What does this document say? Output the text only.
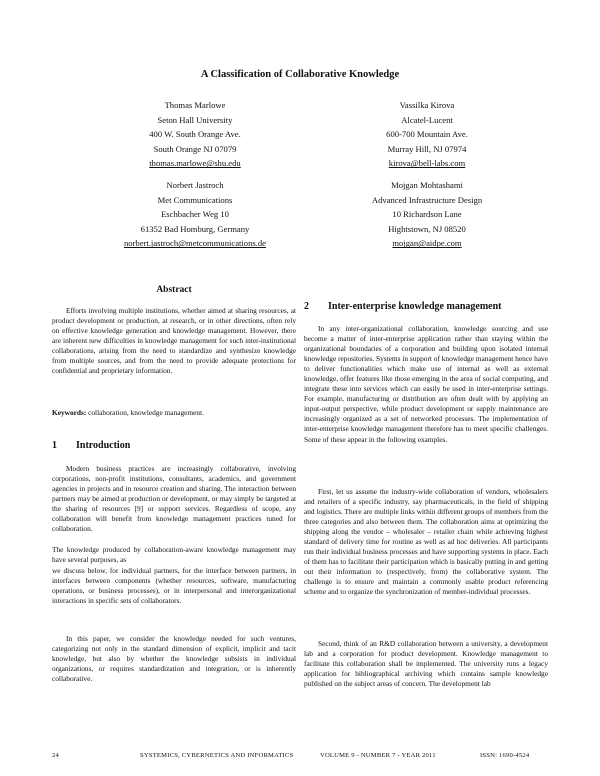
A Classification of Collaborative Knowledge
Thomas Marlowe
Seton Hall University
400 W. South Orange Ave.
South Orange NJ 07079
thomas.marlowe@shu.edu
Vassilka Kirova
Alcatel-Lucent
600-700 Mountain Ave.
Murray Hill, NJ 07974
kirova@bell-labs.com
Norbert Jastroch
Met Communications
Eschbacher Weg 10
61352 Bad Homburg, Germany
norbert.jastroch@metcommunications.de
Mojgan Mohtashami
Advanced Infrastructure Design
10 Richardson Lane
Hightstown, NJ 08520
mojgan@aidpe.com
Abstract

Efforts involving multiple institutions, whether aimed at sharing resources, at product development or production, at research, or in other directions, often rely on effective knowledge generation and knowledge management. However, there are inherent new difficulties in knowledge management for such inter-institutional collaborations, arising from the need to standardize and synthesize knowledge from multiple sources, and from the need to provide adequate protections for confidential and proprietary information.

Keywords: collaboration, knowledge management.

1 Introduction

Modern business practices are increasingly collaborative, involving corporations, non-profit institutions, consultants, academics, and government agencies in projects and in resource creation and sharing. The interaction between partners may be aimed at production or development, or may simply be targeted at the sharing of resources [9] or support services. Regardless of scope, any collaboration will benefit from knowledge management practices tuned for collaboration.

The knowledge produced by collaboration-aware knowledge management may have several purposes, as

we discuss below, for individual partners, for the interface between partners, in interfaces between components (whether resources, software, manufacturing operations, or business processes), or in interpersonal and interorganizational interactions in specific sets of collaborators.

In this paper, we consider the knowledge needed for such ventures, categorizing not only in the standard dimension of explicit, implicit and tacit knowledge, but also by whether the knowledge subsists in individual organizations, or requires standardization and integration, or is inherently collaborative.

2 Inter-enterprise knowledge management

In any inter-organizational collaboration, knowledge sourcing and use become a matter of inter-enterprise application rather than staying within the organizational boundaries of a corporation and building upon isolated internal knowledge repositories. Systems in support of knowledge management hence have to deliver functionalities which make use of internal as well as external knowledge, offer features like those emerging in the area of social computing, and integrate these into services which can easily be used in inter-enterprise settings. For example, manufacturing or distribution are often dealt with by applying an input-output perspective, while product development or supply maintenance are increasingly organized as a set of networked processes. The implementation of inter-enterprise knowledge management therefore has to meet specific challenges. Some of these appear in the following examples.

First, let us assume the industry-wide collaboration of vendors, wholesalers and retailers of a specific industry, say pharmaceuticals, in the field of shipping and logistics. There are multiple links within different groups of members from the three categories and also between them. The collaboration aims at optimizing the shipping along the vendor – wholesaler – retailer chain while achieving highest standard of delivery time for routine as well as ad hoc deliveries. All participants run their individual business processes and have supporting systems in place. Each of them has to facilitate their participation which is basically putting in and getting out their information to (respectively, from) the collaborative system. The challenge is to ensure and maintain a commonly usable product referencing scheme and to organize the synchronization of member-individual processes.

Second, think of an R&D collaboration between a university, a development lab and a corporation for product development. Knowledge management to facilitate this collaboration shall be implemented. The university runs a legacy application for bibliographical archiving which contains sample knowledge published on the subject areas of concern. The development lab

24	SYSTEMICS, CYBERNETICS AND INFORMATICS	VOLUME 9 - NUMBER 7 - YEAR 2011	ISSN: 1690-4524
